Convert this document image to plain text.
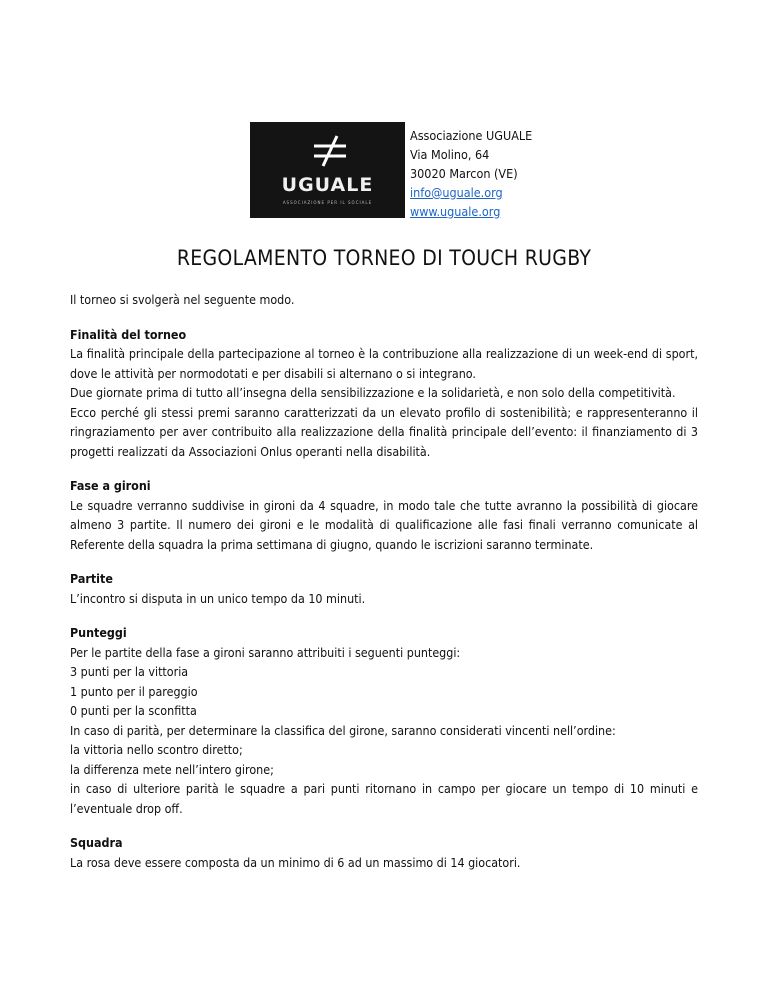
UGUALE
ASSOCIAZIONE PER IL SOCIALE
Associazione UGUALE
Via Molino, 64
30020 Marcon (VE)
info@uguale.org
www.uguale.org
REGOLAMENTO TORNEO DI TOUCH RUGBY

Il torneo si svolgerà nel seguente modo.

Finalità del torneo

La finalità principale della partecipazione al torneo è la contribuzione alla realizzazione di un week-end di sport, dove le attività per normodotati e per disabili si alternano o si integrano.

Due giornate prima di tutto all’insegna della sensibilizzazione e la solidarietà, e non solo della competitività.

Ecco perché gli stessi premi saranno caratterizzati da un elevato profilo di sostenibilità; e rappresenteranno il ringraziamento per aver contribuito alla realizzazione della finalità principale dell’evento: il finanziamento di 3 progetti realizzati da Associazioni Onlus operanti nella disabilità.

Fase a gironi

Le squadre verranno suddivise in gironi da 4 squadre, in modo tale che tutte avranno la possibilità di giocare almeno 3 partite. Il numero dei gironi e le modalità di qualificazione alle fasi finali verranno comunicate al Referente della squadra la prima settimana di giugno, quando le iscrizioni saranno terminate.

Partite

L’incontro si disputa in un unico tempo da 10 minuti.

Punteggi

Per le partite della fase a gironi saranno attribuiti i seguenti punteggi:

3 punti per la vittoria

1 punto per il pareggio

0 punti per la sconfitta

In caso di parità, per determinare la classifica del girone, saranno considerati vincenti nell’ordine:

la vittoria nello scontro diretto;

la differenza mete nell’intero girone;

in caso di ulteriore parità le squadre a pari punti ritornano in campo per giocare un tempo di 10 minuti e l’eventuale drop off.

Squadra

La rosa deve essere composta da un minimo di 6 ad un massimo di 14 giocatori.
